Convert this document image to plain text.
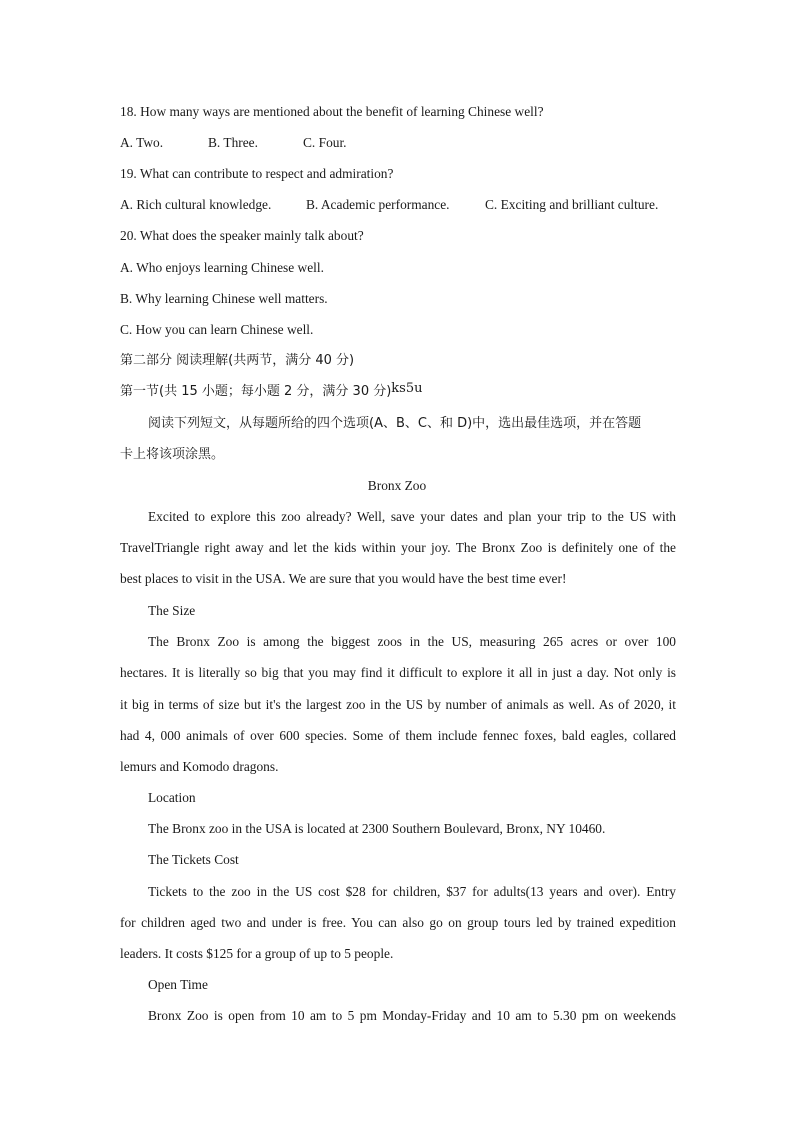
18. How many ways are mentioned about the benefit of learning Chinese well?
A. Two.	B. Three.	C. Four.
19. What can contribute to respect and admiration?
A. Rich cultural knowledge.	B. Academic performance.	C. Exciting and brilliant culture.
20. What does the speaker mainly talk about?
A. Who enjoys learning Chinese well.
B. Why learning Chinese well matters.
C. How you can learn Chinese well.
第二部分 阅读理解(共两节，满分 40 分)
第一节(共 15 小题；每小题 2 分，满分 30 分)ks5u
阅读下列短文，从每题所给的四个选项(A、B、C、和 D)中，选出最佳选项，并在答题
卡上将该项涂黑。
Bronx Zoo
Excited to explore this zoo already? Well, save your dates and plan your trip to the US with
TravelTriangle right away and let the kids within your joy. The Bronx Zoo is definitely one of the
best places to visit in the USA. We are sure that you would have the best time ever!
The Size
The Bronx Zoo is among the biggest zoos in the US, measuring 265 acres or over 100
hectares. It is literally so big that you may find it difficult to explore it all in just a day. Not only is
it big in terms of size but it's the largest zoo in the US by number of animals as well. As of 2020, it
had 4, 000 animals of over 600 species. Some of them include fennec foxes, bald eagles, collared
lemurs and Komodo dragons.
Location
The Bronx zoo in the USA is located at 2300 Southern Boulevard, Bronx, NY 10460.
The Tickets Cost
Tickets to the zoo in the US cost $28 for children, $37 for adults(13 years and over). Entry
for children aged two and under is free. You can also go on group tours led by trained expedition
leaders. It costs $125 for a group of up to 5 people.
Open Time
Bronx Zoo is open from 10 am to 5 pm Monday-Friday and 10 am to 5.30 pm on weekends
